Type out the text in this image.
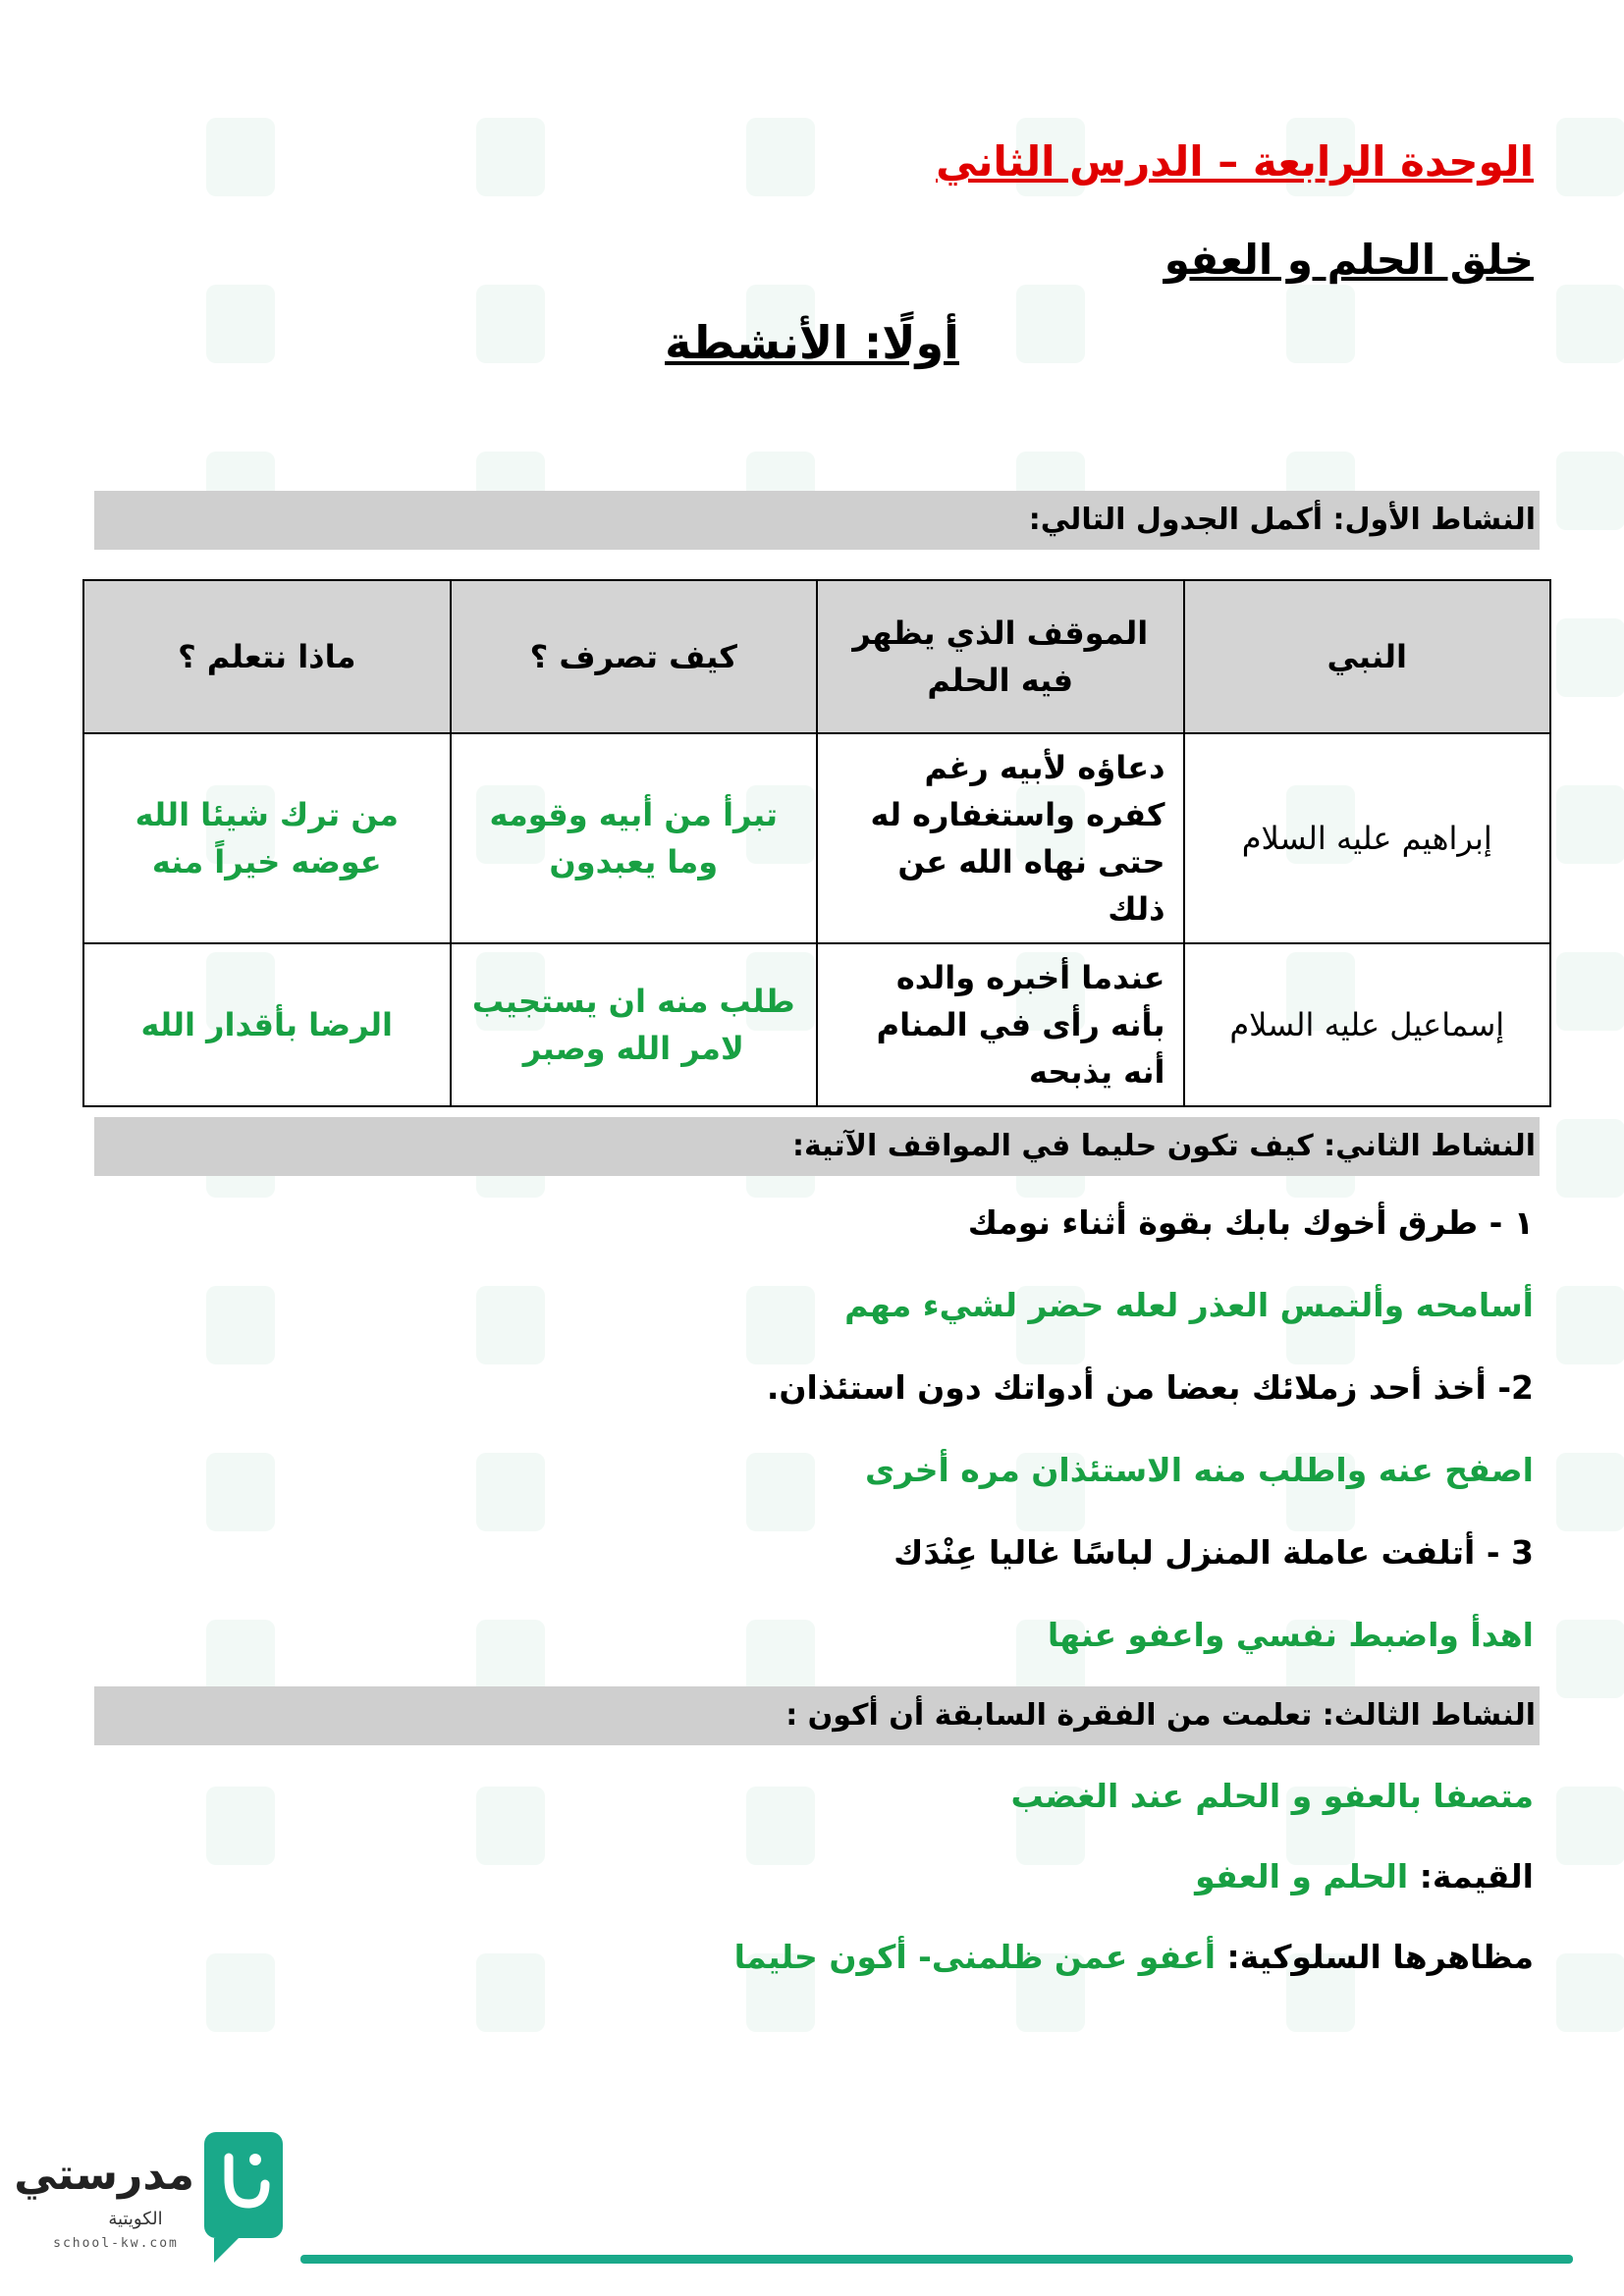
الوحدة الرابعة – الدرس الثاني
خلق الحلم و العفو
أولًا: الأنشطة
النشاط الأول: أكمل الجدول التالي:
النبي	الموقف الذي يظهر فيه الحلم	كيف تصرف ؟	ماذا نتعلم ؟
إبراهيم عليه السلام	دعاؤه لأبيه رغم كفره واستغفاره له حتى نهاه الله عن ذلك	تبرأ من أبيه وقومه وما يعبدون	من ترك شيئا الله عوضه خيراً منه
إسماعيل عليه السلام	عندما أخبره والده بأنه رأى في المنام أنه يذبحه	طلب منه ان يستجيب لامر الله وصبر	الرضا بأقدار الله
النشاط الثاني: كيف تكون حليما في المواقف الآتية:
١ - طرق أخوك بابك بقوة أثناء نومك
أسامحه وألتمس العذر لعله حضر لشيء مهم
2- أخذ أحد زملائك بعضا من أدواتك دون استئذان.
اصفح عنه واطلب منه الاستئذان مره أخرى
3 - أتلفت عاملة المنزل لباسًا غاليا عِنْدَك
اهدأ واضبط نفسي واعفو عنها
النشاط الثالث: تعلمت من الفقرة السابقة أن أكون :
متصفا بالعفو و الحلم عند الغضب
القيمة: الحلم و العفو
مظاهرها السلوكية: أعفو عمن ظلمنى- أكون حليما
مدرستي
الكويتية
school-kw.com
